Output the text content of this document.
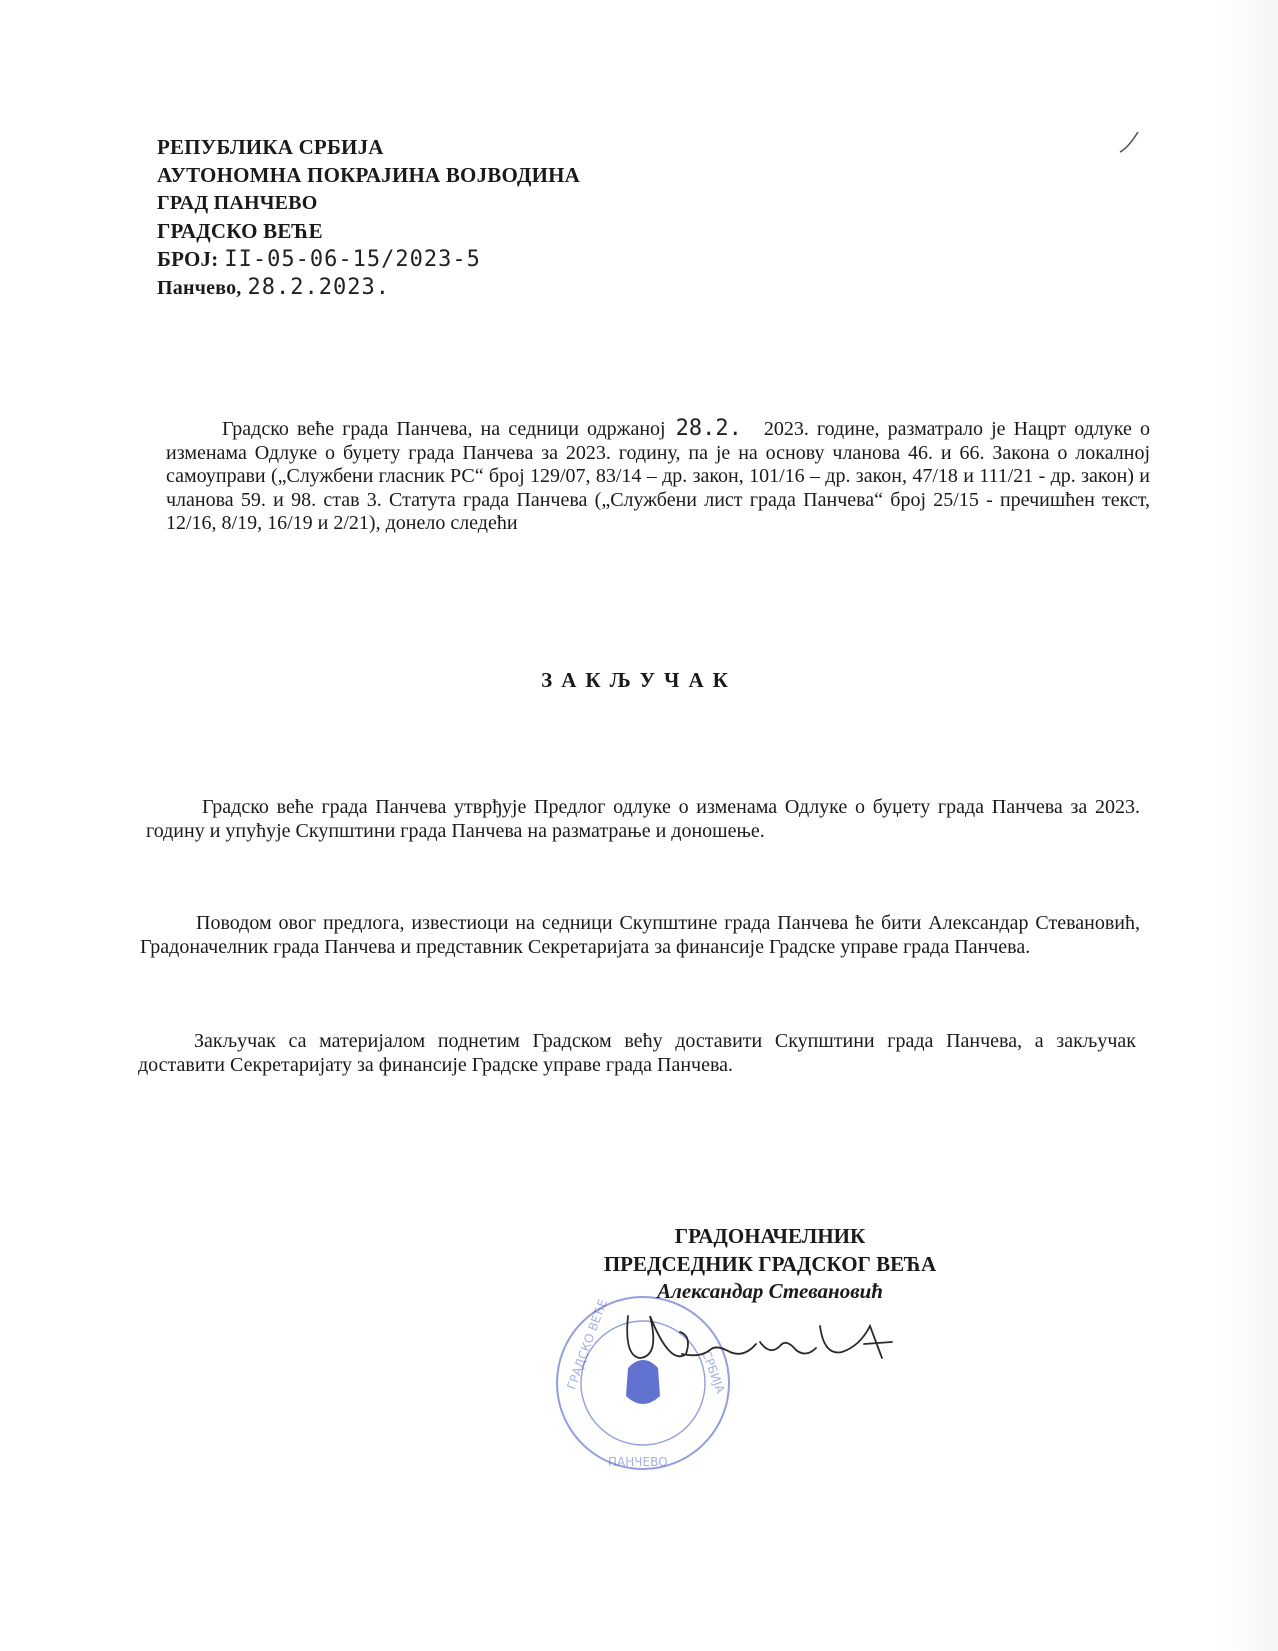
РЕПУБЛИКА СРБИЈА
АУТОНОМНА ПОКРАЈИНА ВОЈВОДИНА
ГРАД ПАНЧЕВО
ГРАДСКО ВЕЋЕ
БРОЈ: II-05-06-15/2023-5
Панчево, 28.2.2023.
Градско веће града Панчева, на седници одржаној 28.2. 2023. године, разматрало је Нацрт одлуке о изменама Одлуке о буџету града Панчева за 2023. годину, па је на основу чланова 46. и 66. Закона о локалној самоуправи („Службени гласник РС“ број 129/07, 83/14 – др. закон, 101/16 – др. закон, 47/18 и 111/21 - др. закон) и чланова 59. и 98. став 3. Статута града Панчева („Службени лист града Панчева“ број 25/15 - пречишћен текст, 12/16, 8/19, 16/19 и 2/21), донело следећи
ЗАКЉУЧАК
Градско веће града Панчева утврђује Предлог одлуке о изменама Одлуке о буџету града Панчева за 2023. годину и упућује Скупштини града Панчева на разматрање и доношење.
Поводом овог предлога, известиоци на седници Скупштине града Панчева ће бити Александар Стевановић, Градоначелник града Панчева и представник Секретаријата за финансије Градске управе града Панчева.
Закључак са материјалом поднетим Градском већу доставити Скупштини града Панчева, а закључак доставити Секретаријату за финансије Градске управе града Панчева.
ПАНЧЕВО
ГРАДСКО ВЕЋЕ	СРБИЈА
ГРАДОНАЧЕЛНИК
ПРЕДСЕДНИК ГРАДСКОГ ВЕЋА
Александар Стевановић
